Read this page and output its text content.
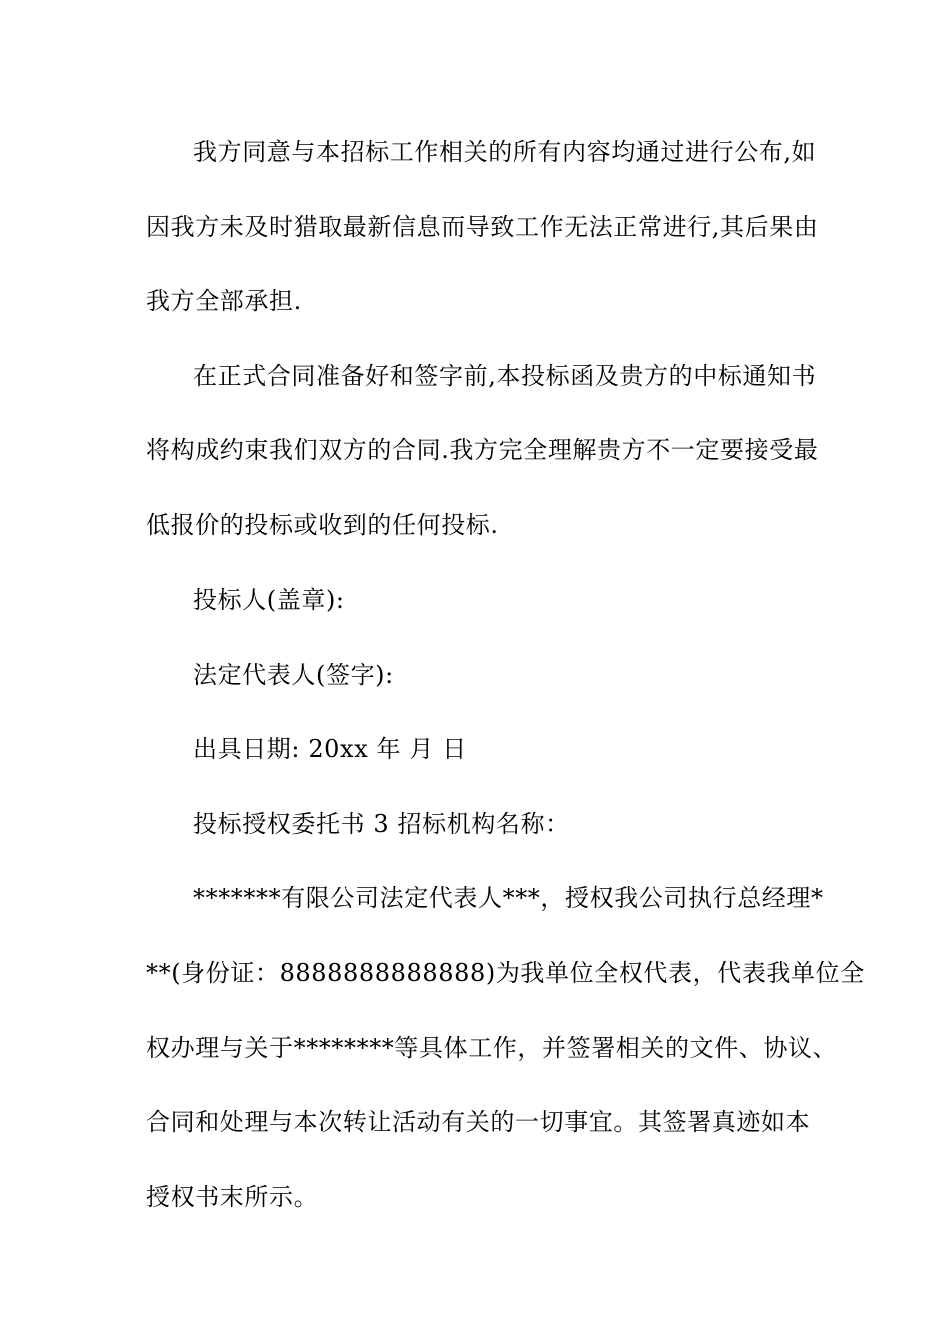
我方同意与本招标工作相关的所有内容均通过进行公布,如
因我方未及时猎取最新信息而导致工作无法正常进行,其后果由
我方全部承担.
在正式合同准备好和签字前,本投标函及贵方的中标通知书
将构成约束我们双方的合同.我方完全理解贵方不一定要接受最
低报价的投标或收到的任何投标.
投标人(盖章):
法定代表人(签字):
出具日期: 20xx 年 月 日
投标授权委托书 3 招标机构名称：
*******有限公司法定代表人***，授权我公司执行总经理*
**(身份证：8888888888888)为我单位全权代表，代表我单位全
权办理与关于********等具体工作，并签署相关的文件、协议、
合同和处理与本次转让活动有关的一切事宜。其签署真迹如本
授权书末所示。
